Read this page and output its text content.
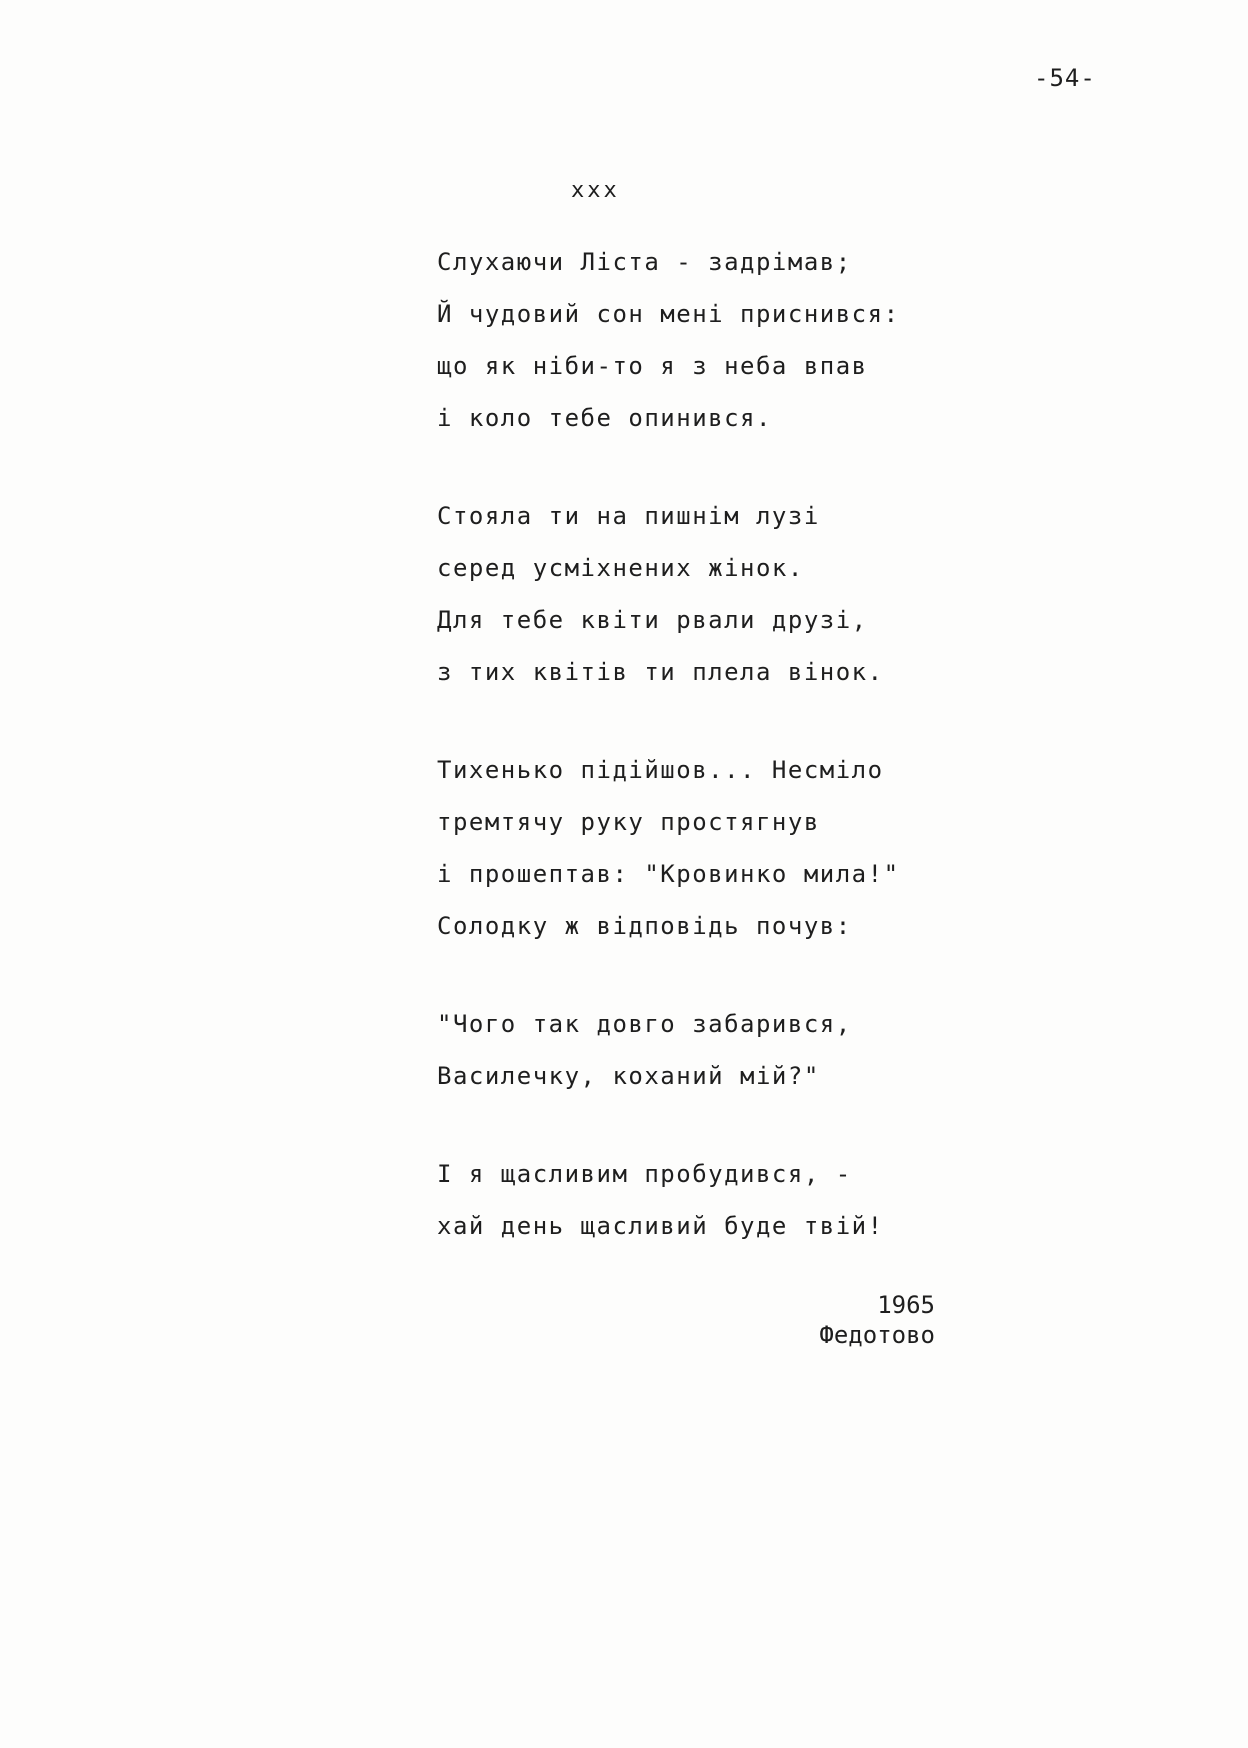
-54-
xxx
Слухаючи Ліста - задрімав;
Й чудовий сон мені приснився:
що як ніби-то я з неба впав
і коло тебе опинився.
Стояла ти на пишнім лузі
серед усміхнених жінок.
Для тебе квіти рвали друзі,
з тих квітів ти плела вінок.
Тихенько підійшов... Несміло
тремтячу руку простягнув
і прошептав: "Кровинко мила!"
Солодку ж відповідь почув:
"Чого так довго забарився,
Василечку, коханий мій?"
І я щасливим пробудився, -
хай день щасливий буде твій!
1965
Федотово
